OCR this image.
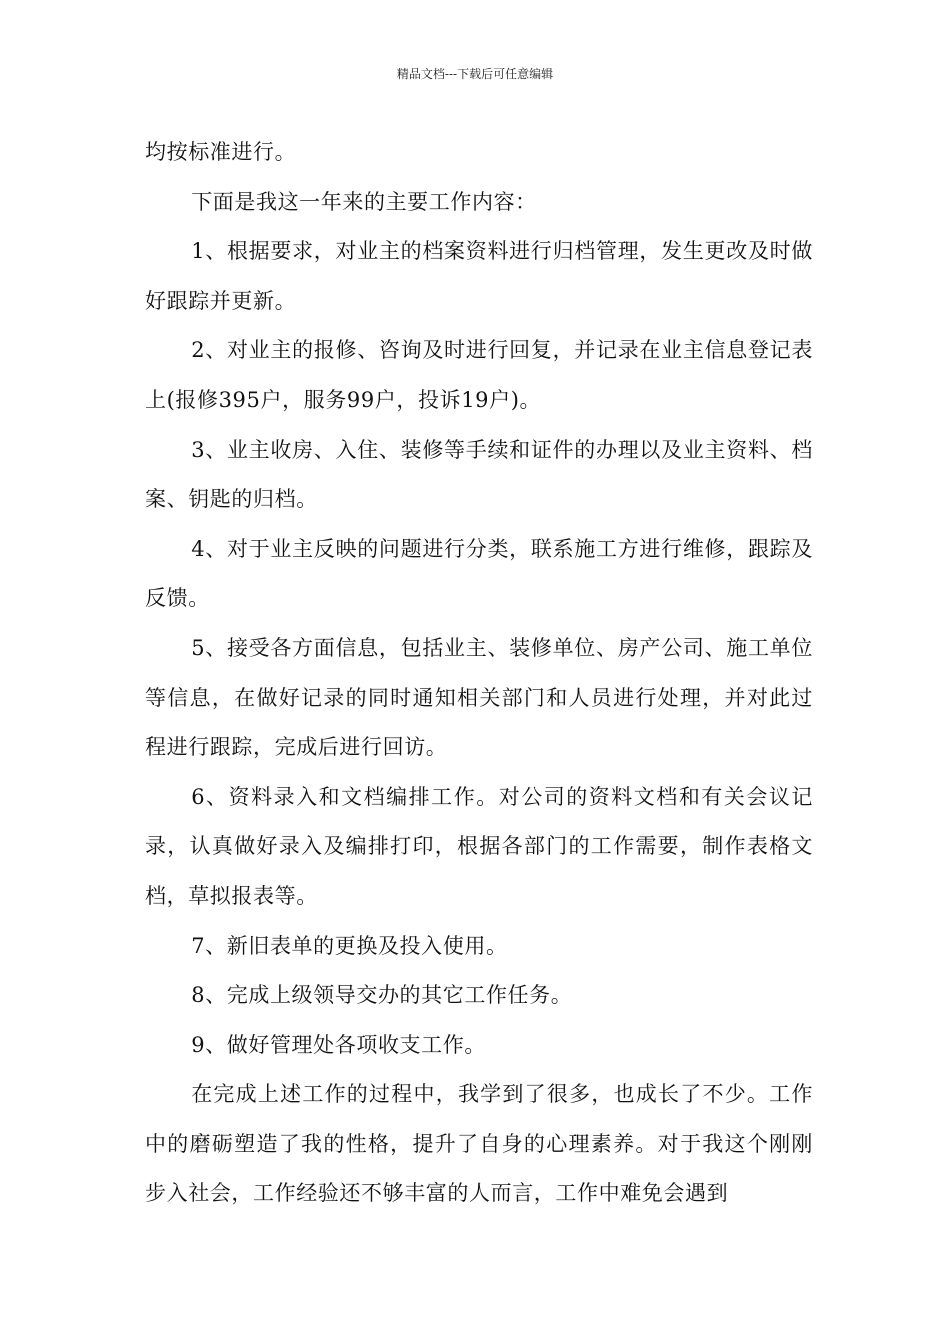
精品文档---下载后可任意编辑

均按标准进行。

下面是我这一年来的主要工作内容：

1、根据要求，对业主的档案资料进行归档管理，发生更改及时做好跟踪并更新。

2、对业主的报修、咨询及时进行回复，并记录在业主信息登记表上(报修395户，服务99户，投诉19户)。

3、业主收房、入住、装修等手续和证件的办理以及业主资料、档案、钥匙的归档。

4、对于业主反映的问题进行分类，联系施工方进行维修，跟踪及反馈。

5、接受各方面信息，包括业主、装修单位、房产公司、施工单位等信息，在做好记录的同时通知相关部门和人员进行处理，并对此过程进行跟踪，完成后进行回访。

6、资料录入和文档编排工作。对公司的资料文档和有关会议记录，认真做好录入及编排打印，根据各部门的工作需要，制作表格文档，草拟报表等。

7、新旧表单的更换及投入使用。

8、完成上级领导交办的其它工作任务。

9、做好管理处各项收支工作。

在完成上述工作的过程中，我学到了很多，也成长了不少。工作中的磨砺塑造了我的性格，提升了自身的心理素养。对于我这个刚刚步入社会，工作经验还不够丰富的人而言，工作中难免会遇到
